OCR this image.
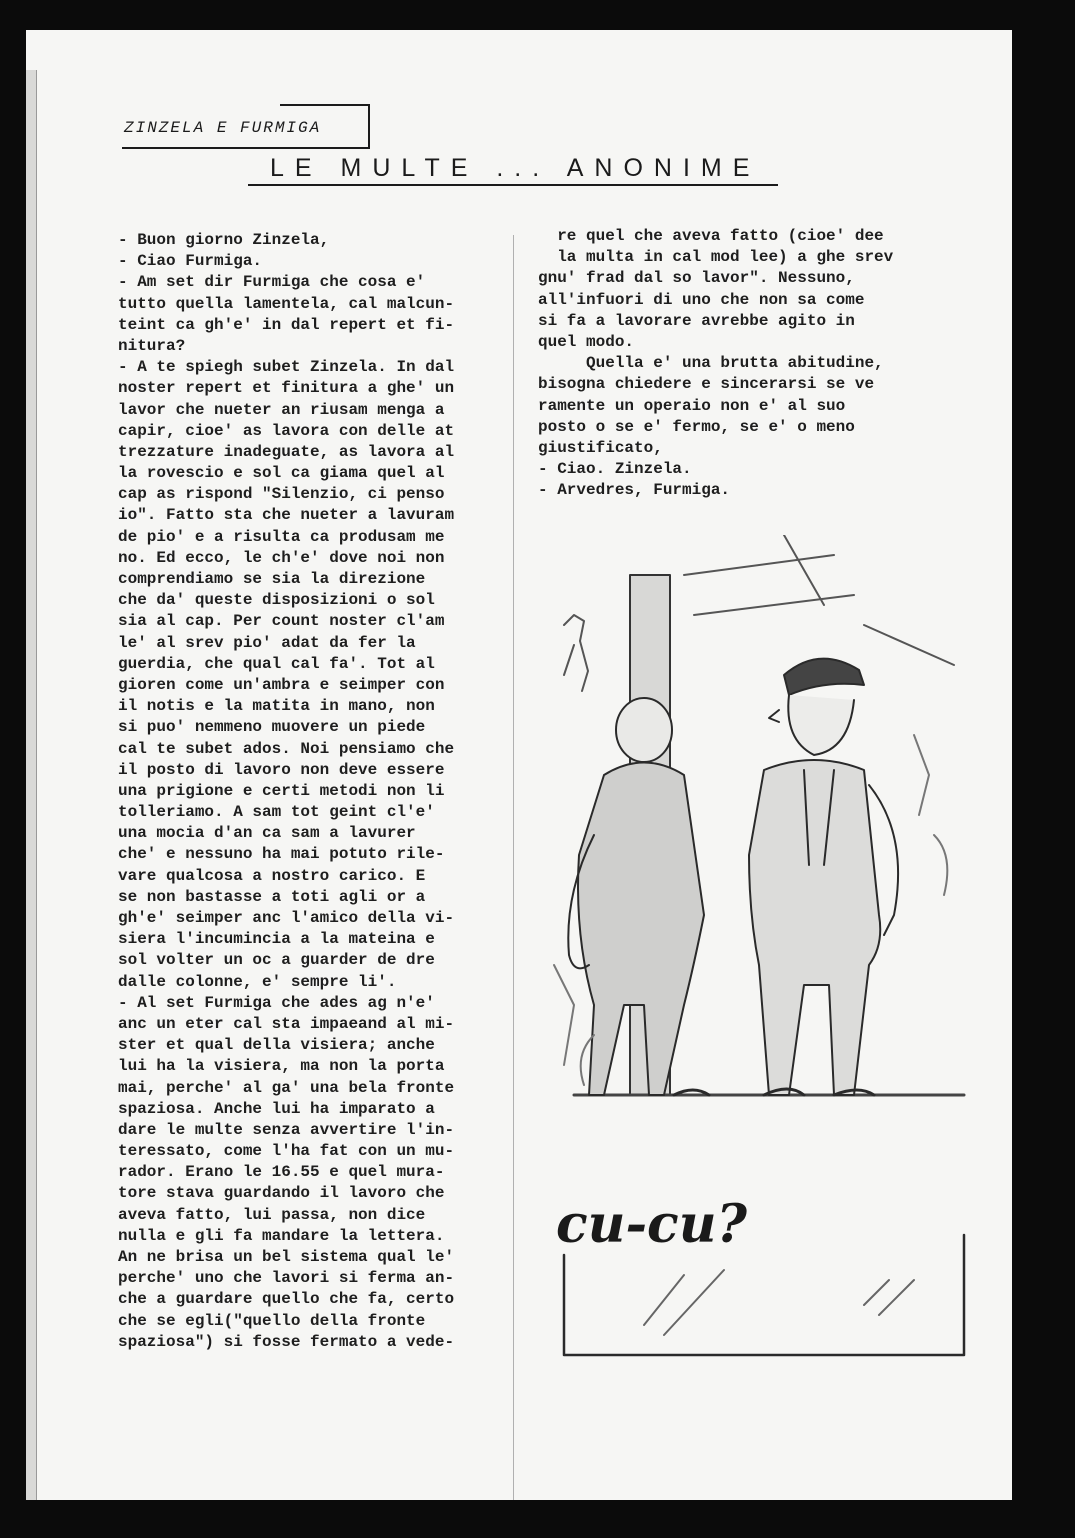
ZINZELA E FURMIGA
LE MULTE ... ANONIME
- Buon giorno Zinzela,
- Ciao Furmiga.
- Am set dir Furmiga che cosa e'
tutto quella lamentela, cal malcun-
teint ca gh'e' in dal repert et fi-
nitura?
- A te spiegh subet Zinzela. In dal
noster repert et finitura a ghe' un
lavor che nueter an riusam menga a
capir, cioe' as lavora con delle at
trezzature inadeguate, as lavora al
la rovescio e sol ca giama quel al
cap as rispond "Silenzio, ci penso
io". Fatto sta che nueter a lavuram
de pio' e a risulta ca produsam me
no. Ed ecco, le ch'e' dove noi non
comprendiamo se sia la direzione
che da' queste disposizioni o sol
sia al cap. Per count noster cl'am
le' al srev pio' adat da fer la
guerdia, che qual cal fa'. Tot al
gioren come un'ambra e seimper con
il notis e la matita in mano, non
si puo' nemmeno muovere un piede
cal te subet ados. Noi pensiamo che
il posto di lavoro non deve essere
una prigione e certi metodi non li
tolleriamo. A sam tot geint cl'e'
una mocia d'an ca sam a lavurer
che' e nessuno ha mai potuto rile-
vare qualcosa a nostro carico. E
se non bastasse a toti agli or a
gh'e' seimper anc l'amico della vi-
siera l'incumincia a la mateina e
sol volter un oc a guarder de dre
dalle colonne, e' sempre li'.
- Al set Furmiga che ades ag n'e'
anc un eter cal sta impaeand al mi-
ster et qual della visiera; anche
lui ha la visiera, ma non la porta
mai, perche' al ga' una bela fronte
spaziosa. Anche lui ha imparato a
dare le multe senza avvertire l'in-
teressato, come l'ha fat con un mu-
rador. Erano le 16.55 e quel mura-
tore stava guardando il lavoro che
aveva fatto, lui passa, non dice
nulla e gli fa mandare la lettera.
An ne brisa un bel sistema qual le'
perche' uno che lavori si ferma an-
che a guardare quello che fa, certo
che se egli("quello della fronte
spaziosa") si fosse fermato a vede-
re quel che aveva fatto (cioe' dee
la multa in cal mod lee) a ghe srev
gnu' frad dal so lavor". Nessuno,
all'infuori di uno che non sa come
si fa a lavorare avrebbe agito in
quel modo.
Quella e' una brutta abitudine,
bisogna chiedere e sincerarsi se ve
ramente un operaio non e' al suo
posto o se e' fermo, se e' o meno
giustificato,
- Ciao. Zinzela.
- Arvedres, Furmiga.
cu-cu?
